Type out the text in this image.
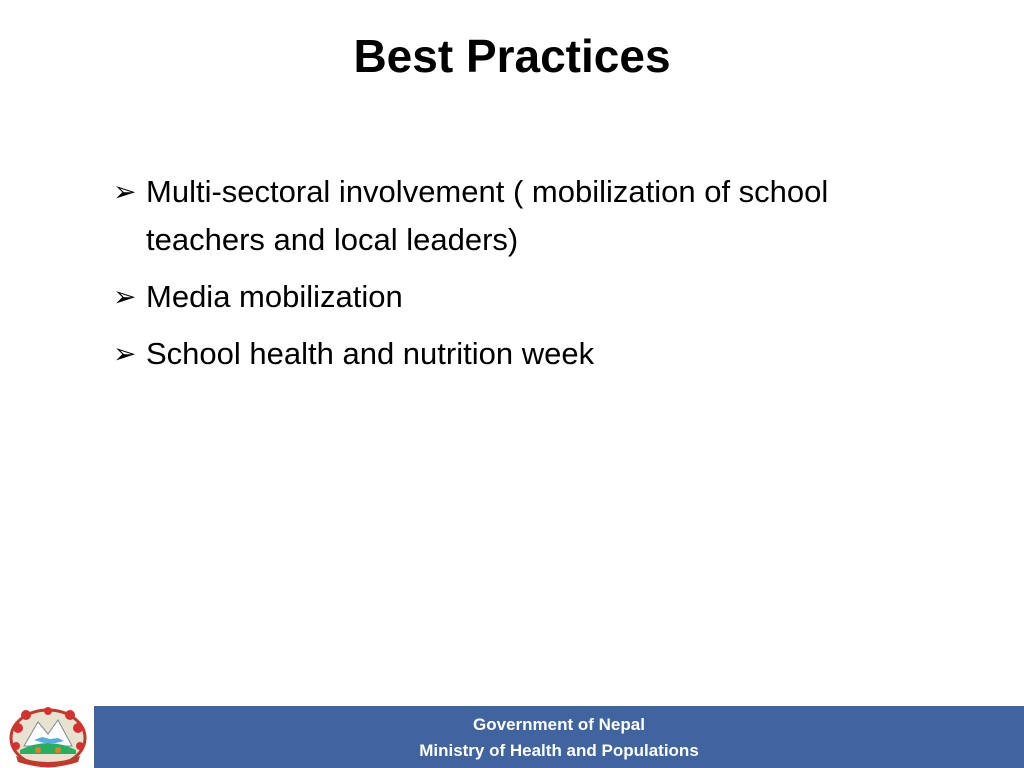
Best Practices
➢ Multi-sectoral involvement ( mobilization of school teachers and local leaders)
➢ Media mobilization
➢ School health and nutrition week
Government of Nepal
Ministry of Health and Populations
